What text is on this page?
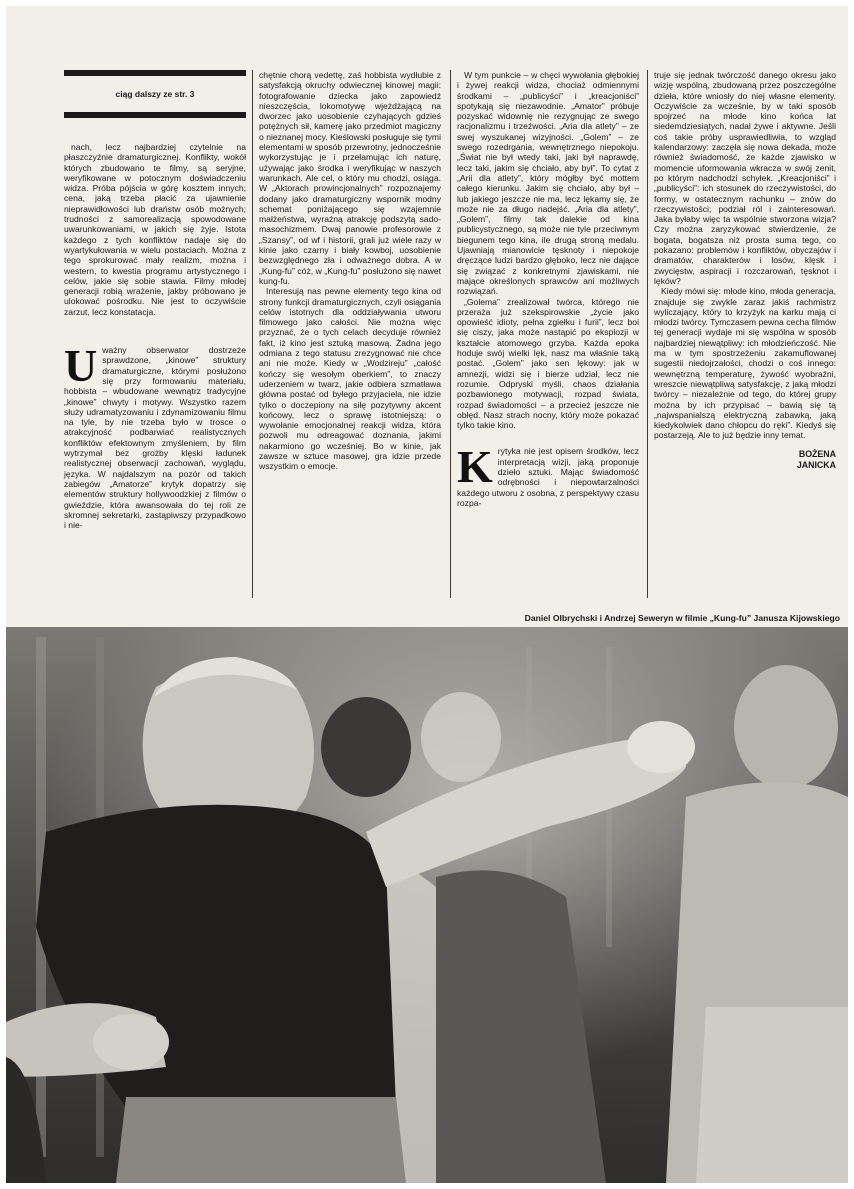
ciąg dalszy ze str. 3

nach, lecz najbardziej czytelnie na płaszczyźnie dramaturgicznej. Konflikty, wokół których zbudowano te filmy, są seryjne, weryfikowane w potocznym doświadczeniu widza. Próba pójścia w górę kosztem innych; cena, jaką trzeba płacić za ujawnienie nieprawidłowości lub draństw osób możnych; trudności z samorealizacją spowodowane uwarunkowaniami, w jakich się żyje. Istota każdego z tych konfliktów nadaje się do wyartykułowania w wielu postaciach. Można z tego sprokurować mały realizm, można i western, to kwestia programu artystycznego i celów, jakie się sobie stawia. Filmy młodej generacji robią wrażenie, jakby próbowano je ulokować pośrodku. Nie jest to oczywiście zarzut, lecz konstatacja.

Uważny obserwator dostrzeże sprawdzone, „kinowe” struktury dramaturgiczne, którymi posłużono się przy formowaniu materiału, hobbista – wbudowane wewnątrz tradycyjne „kinowe” chwyty i motywy. Wszystko razem służy udramatyzowaniu i zdynamizowaniu filmu na tyle, by nie trzeba było w trosce o atrakcyjność podbarwiać realistycznych konfliktów efektownym zmyśleniem, by film wytrzymał bez grożby klęski ładunek realistycznej obserwacji zachowań, wyglądu, języka. W najdalszym na pozór od takich zabiegów „Amatorze” krytyk dopatrzy się elementów struktury hollywoodzkiej z filmów o gwieździe, która awansowała do tej roli ze skromnej sekretarki, zastąpiwszy przypadkowo i nie-

chętnie chorą vedettę, zaś hobbista wydłubie z satysfakcją okruchy odwiecznej kinowej magii: fotografowanie dziecka jako zapowiedź nieszczęścia, lokomotywę wjeżdżającą na dworzec jako uosobienie czyhających gdzieś potężnych sił, kamerę jako przedmiot magiczny o nieznanej mocy. Kieślowski posługuje się tymi elementami w sposób przewrotny, jednocześnie wykorzystując je i przełamując ich naturę, używając jako środka i weryfikując w naszych warunkach. Ale cel, o który mu chodzi, osiąga. W „Aktorach prowincjonalnych” rozpoznajemy dodany jako dramaturgiczny wspornik modny schemat poniżającego się wzajemnie małżeństwa, wyraźną atrakcję podszytą sado-masochizmem. Dwaj panowie profesorowie z „Szansy”, od wf i historii, grali już wiele razy w kinie jako czarny i biały kowboj, uosobienie bezwzględnego zła i odważnego dobra. A w „Kung-fu” cóż, w „Kung-fu” posłużono się nawet kung-fu.

Interesują nas pewne elementy tego kina od strony funkcji dramaturgicznych, czyli osiągania celów istotnych dla oddziaływania utworu filmowego jako całości. Nie można więc przyznać, że o tych celach decyduje również fakt, iż kino jest sztuką masową. Żadna jego odmiana z tego statusu zrezygnować nie chce ani nie może. Kiedy w „Wodzireju” „całość kończy się wesołym oberkiem”, to znaczy uderzeniem w twarz, jakie odbiera szmatława główna postać od byłego przyjaciela, nie idzie tylko o doczepiony na siłę pozytywny akcent końcowy, lecz o sprawę istotniejszą: o wywołanie emocjonalnej reakcji widza, która pozwoli mu odreagować doznania, jakimi nakarmiono go wcześniej. Bo w kinie, jak zawsze w sztuce masowej, gra idzie przede wszystkim o emocje.

W tym punkcie – w chęci wywołania głębokiej i żywej reakcji widza, chociaż odmiennymi środkami – „publicyści” i „kreacjoniści” spotykają się niezawodnie. „Amator” próbuje pozyskać widownię nie rezygnując ze swego racjonalizmu i trzeźwości. „Aria dla atlety” – ze swej wyszukanej wizyjności. „Golem” – ze swego rozedrgania, wewnętrznego niepokoju. „Świat nie był wtedy taki, jaki był naprawdę, lecz taki, jakim się chciało, aby był”. To cytat z „Arii dla atlety”, który mógłby być mottem całego kierunku. Jakim się chciało, aby był – lub jakiego jeszcze nie ma, lecz lękamy się, że może nie za długo nadejść. „Aria dla atlety”, „Golem”, filmy tak dalekie od kina publicystycznego, są może nie tyle przeciwnym biegunem tego kina, ile drugą stroną medalu. Ujawniają mianowicie tęsknoty i niepokoje dręczące ludzi bardzo głęboko, lecz nie dające się związać z konkretnymi zjawiskami, nie mające określonych sprawców ani możliwych rozwiązań.

„Golema” zrealizował twórca, którego nie przeraża już szekspirowskie „życie jako opowieść idioty, pełna zgiełku i furii”, lecz boi się ciszy, jaka może nastąpić po eksplozji w kształcie atomowego grzyba. Każda epoka hoduje swój wielki lęk, nasz ma właśnie taką postać. „Golem” jako sen lękowy: jak w amnezji, widzi się i bierze udział, lecz nie rozumie. Odpryski myśli, chaos działania pozbawionego motywacji, rozpad świata, rozpad świadomości – a przecież jeszcze nie obłęd. Nasz strach nocny, który może pokazać tylko takie kino.

Krytyka nie jest opisem środków, lecz interpretacją wizji, jaką proponuje dzieło sztuki. Mając świadomość odrębności i niepowtarzalności każdego utworu z osobna, z perspektywy czasu rozpa-

truje się jednak twórczość danego okresu jako wizję wspólną, zbudowaną przez poszczególne dzieła, które wniosły do niej własne elementy. Oczywiście za wcześnie, by w taki sposób spojrzeć na młode kino końca lat siedemdziesiątych, nadal żywe i aktywne. Jeśli coś takie próby usprawiedliwia, to wzgląd kalendarzowy: zaczęła się nowa dekada, może również świadomość, że każde zjawisko w momencie uformowania wkracza w swój zenit, po którym nadchodzi schyłek. „Kreacjoniści” i „publicyści”: ich stosunek do rzeczywistości, do formy, w ostatecznym rachunku – znów do rzeczywistości; podział ról i zainteresowań. Jaka byłaby więc ta wspólnie stworzona wizja? Czy można zaryzykować stwierdzenie, że bogata, bogatsza niż prosta suma tego, co pokazano: problemów i konfliktów, obyczajów i dramatów, charakterów i losów, klęsk i zwycięstw, aspiracji i rozczarowań, tęsknot i lęków?

Kiedy mówi się: młode kino, młoda generacja, znajduje się zwykle zaraz jakiś rachmistrz wyliczający, który to krzyżyk na karku mają ci młodzi twórcy. Tymczasem pewna cecha filmów tej generacji wydaje mi się wspólna w sposób najbardziej niewątpliwy: ich młodzieńczość. Nie ma w tym spostrzeżeniu zakamuflowanej sugestii niedojrzałości, chodzi o coś innego: wewnętrzną temperaturę, żywość wyobraźni, wreszcie niewątpliwą satysfakcję, z jaką młodzi twórcy – niezależnie od tego, do której grupy można by ich przypisać – bawią się tą „najwspanialszą elektryczną zabawką, jaką kiedykolwiek dano chłopcu do ręki”. Kiedyś się postarzeją. Ale to już będzie inny temat.

BOŻENA
JANICKA
Daniel Olbrychski i Andrzej Seweryn w filmie „Kung-fu” Janusza Kijowskiego
